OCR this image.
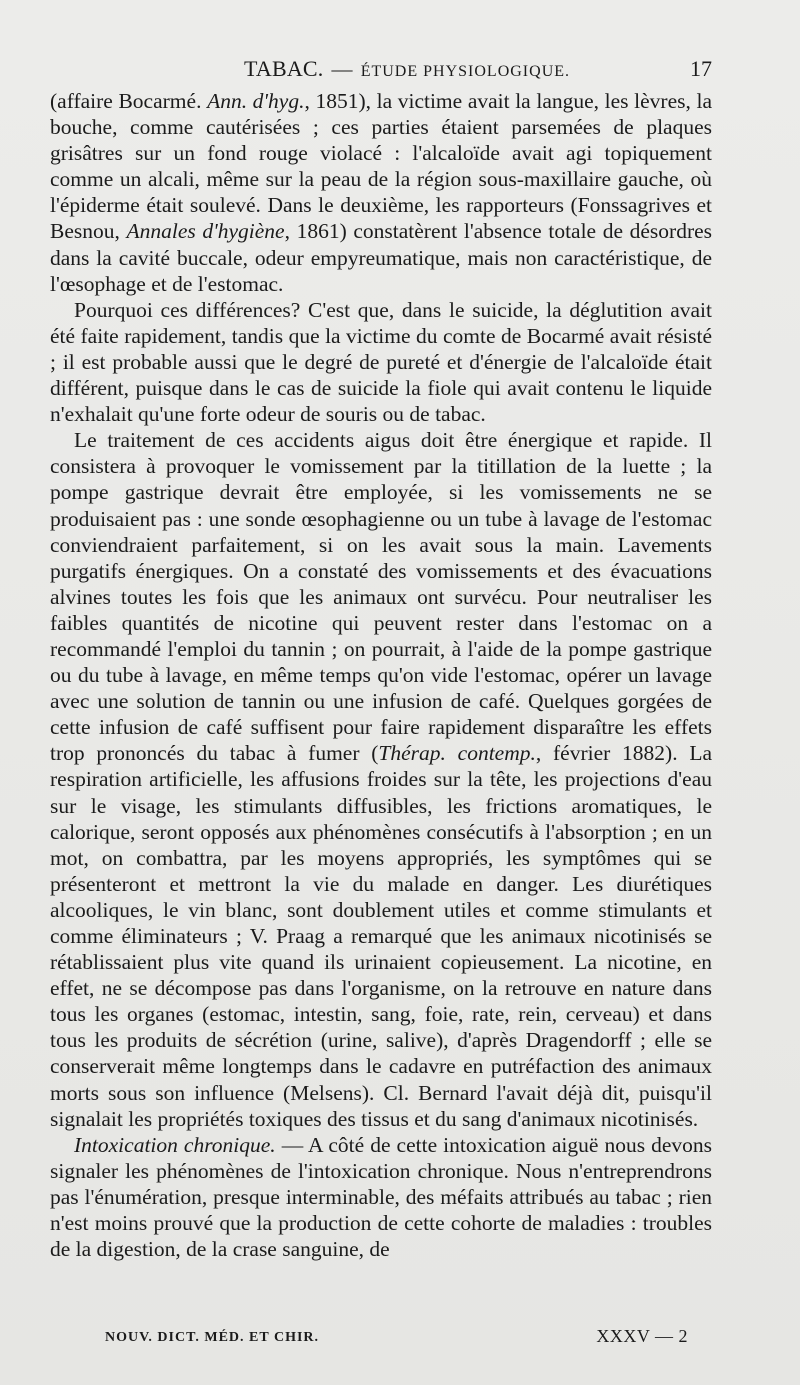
TABAC. — ÉTUDE PHYSIOLOGIQUE.	17

(affaire Bocarmé. Ann. d'hyg., 1851), la victime avait la langue, les lèvres, la bouche, comme cautérisées ; ces parties étaient parsemées de plaques grisâtres sur un fond rouge violacé : l'alcaloïde avait agi topiquement comme un alcali, même sur la peau de la région sous-maxillaire gauche, où l'épiderme était soulevé. Dans le deuxième, les rapporteurs (Fonssagrives et Besnou, Annales d'hygiène, 1861) constatèrent l'absence totale de désordres dans la cavité buccale, odeur empyreumatique, mais non caractéristique, de l'œsophage et de l'estomac.

Pourquoi ces différences? C'est que, dans le suicide, la déglutition avait été faite rapidement, tandis que la victime du comte de Bocarmé avait résisté ; il est probable aussi que le degré de pureté et d'énergie de l'alcaloïde était différent, puisque dans le cas de suicide la fiole qui avait contenu le liquide n'exhalait qu'une forte odeur de souris ou de tabac.

Le traitement de ces accidents aigus doit être énergique et rapide. Il consistera à provoquer le vomissement par la titillation de la luette ; la pompe gastrique devrait être employée, si les vomissements ne se produisaient pas : une sonde œsophagienne ou un tube à lavage de l'estomac conviendraient parfaitement, si on les avait sous la main. Lavements purgatifs énergiques. On a constaté des vomissements et des évacuations alvines toutes les fois que les animaux ont survécu. Pour neutraliser les faibles quantités de nicotine qui peuvent rester dans l'estomac on a recommandé l'emploi du tannin ; on pourrait, à l'aide de la pompe gastrique ou du tube à lavage, en même temps qu'on vide l'estomac, opérer un lavage avec une solution de tannin ou une infusion de café. Quelques gorgées de cette infusion de café suffisent pour faire rapidement disparaître les effets trop prononcés du tabac à fumer (Thérap. contemp., février 1882). La respiration artificielle, les affusions froides sur la tête, les projections d'eau sur le visage, les stimulants diffusibles, les frictions aromatiques, le calorique, seront opposés aux phénomènes consécutifs à l'absorption ; en un mot, on combattra, par les moyens appropriés, les symptômes qui se présenteront et mettront la vie du malade en danger. Les diurétiques alcooliques, le vin blanc, sont doublement utiles et comme stimulants et comme éliminateurs ; V. Praag a remarqué que les animaux nicotinisés se rétablissaient plus vite quand ils urinaient copieusement. La nicotine, en effet, ne se décompose pas dans l'organisme, on la retrouve en nature dans tous les organes (estomac, intestin, sang, foie, rate, rein, cerveau) et dans tous les produits de sécrétion (urine, salive), d'après Dragendorff ; elle se conserverait même longtemps dans le cadavre en putréfaction des animaux morts sous son influence (Melsens). Cl. Bernard l'avait déjà dit, puisqu'il signalait les propriétés toxiques des tissus et du sang d'animaux nicotinisés.

Intoxication chronique. — A côté de cette intoxication aiguë nous devons signaler les phénomènes de l'intoxication chronique. Nous n'entreprendrons pas l'énumération, presque interminable, des méfaits attribués au tabac ; rien n'est moins prouvé que la production de cette cohorte de maladies : troubles de la digestion, de la crase sanguine, de

NOUV. DICT. MÉD. ET CHIR.	XXXV — 2
